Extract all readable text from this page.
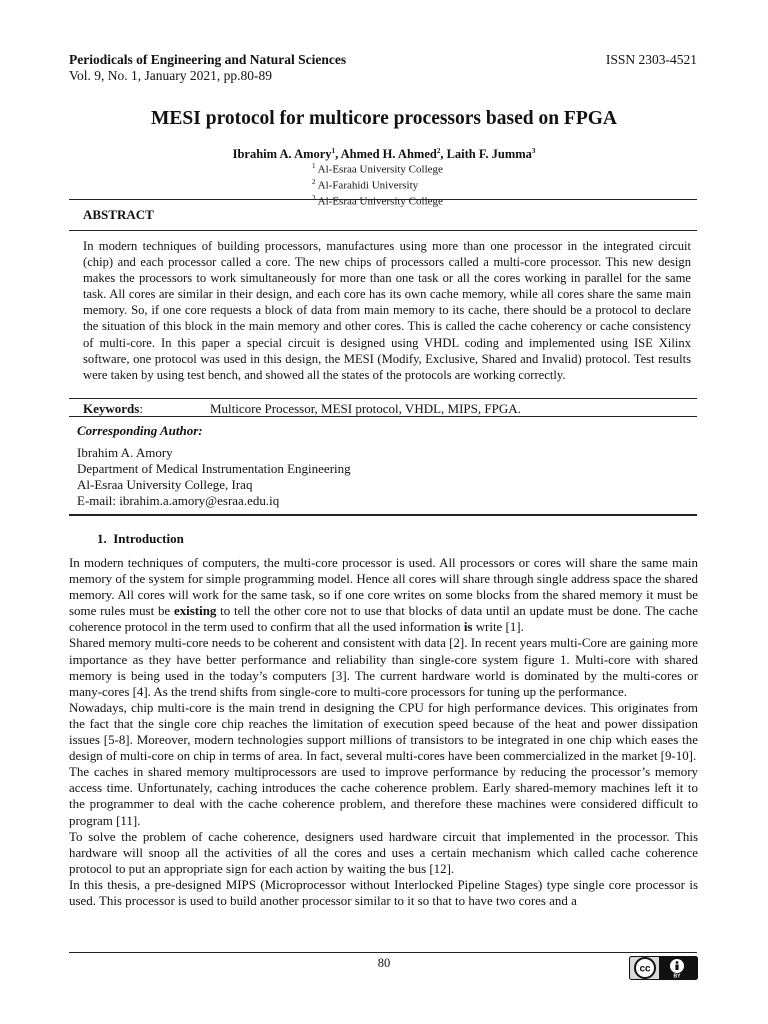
Periodicals of Engineering and Natural Sciences
Vol. 9, No. 1, January 2021, pp.80-89
ISSN 2303-4521
MESI protocol for multicore processors based on FPGA
Ibrahim A. Amory$^1$, Ahmed H. Ahmed$^2$, Laith F. Jumma$^3$
$^1$ Al-Esraa University College
$^2$ Al-Farahidi University
$^3$ Al-Esraa University College
ABSTRACT
In modern techniques of building processors, manufactures using more than one processor in the integrated circuit (chip) and each processor called a core. The new chips of processors called a multi-core processor. This new design makes the processors to work simultaneously for more than one task or all the cores working in parallel for the same task. All cores are similar in their design, and each core has its own cache memory, while all cores share the same main memory. So, if one core requests a block of data from main memory to its cache, there should be a protocol to declare the situation of this block in the main memory and other cores. This is called the cache coherency or cache consistency of multi-core. In this paper a special circuit is designed using VHDL coding and implemented using ISE Xilinx software, one protocol was used in this design, the MESI (Modify, Exclusive, Shared and Invalid) protocol. Test results were taken by using test bench, and showed all the states of the protocols are working correctly.
Keywords:	Multicore Processor, MESI protocol, VHDL, MIPS, FPGA.
Corresponding Author:
Ibrahim A. Amory
Department of Medical Instrumentation Engineering
Al-Esraa University College, Iraq
E-mail: ibrahim.a.amory@esraa.edu.iq
1.  Introduction

In modern techniques of computers, the multi-core processor is used. All processors or cores will share the same main memory of the system for simple programming model. Hence all cores will share through single address space the shared memory. All cores will work for the same task, so if one core writes on some blocks from the shared memory it must be some rules must be existing to tell the other core not to use that blocks of data until an update must be done. The cache coherence protocol in the term used to confirm that all the used information is write [1].

Shared memory multi-core needs to be coherent and consistent with data [2]. In recent years multi-Core are gaining more importance as they have better performance and reliability than single-core system figure 1. Multi-core with shared memory is being used in the today’s computers [3]. The current hardware world is dominated by the multi-cores or many-cores [4]. As the trend shifts from single-core to multi-core processors for tuning up the performance.

Nowadays, chip multi-core is the main trend in designing the CPU for high performance devices. This originates from the fact that the single core chip reaches the limitation of execution speed because of the heat and power dissipation issues [5-8]. Moreover, modern technologies support millions of transistors to be integrated in one chip which eases the design of multi-core on chip in terms of area. In fact, several multi-cores have been commercialized in the market [9-10].

The caches in shared memory multiprocessors are used to improve performance by reducing the processor’s memory access time. Unfortunately, caching introduces the cache coherence problem. Early shared-memory machines left it to the programmer to deal with the cache coherence problem, and therefore these machines were considered difficult to program [11].

To solve the problem of cache coherence, designers used hardware circuit that implemented in the processor. This hardware will snoop all the activities of all the cores and uses a certain mechanism which called cache coherence protocol to put an appropriate sign for each action by waiting the bus [12].

In this thesis, a pre-designed MIPS (Microprocessor without Interlocked Pipeline Stages) type single core processor is used. This processor is used to build another processor similar to it so that to have two cores and a

80	cc
BY
